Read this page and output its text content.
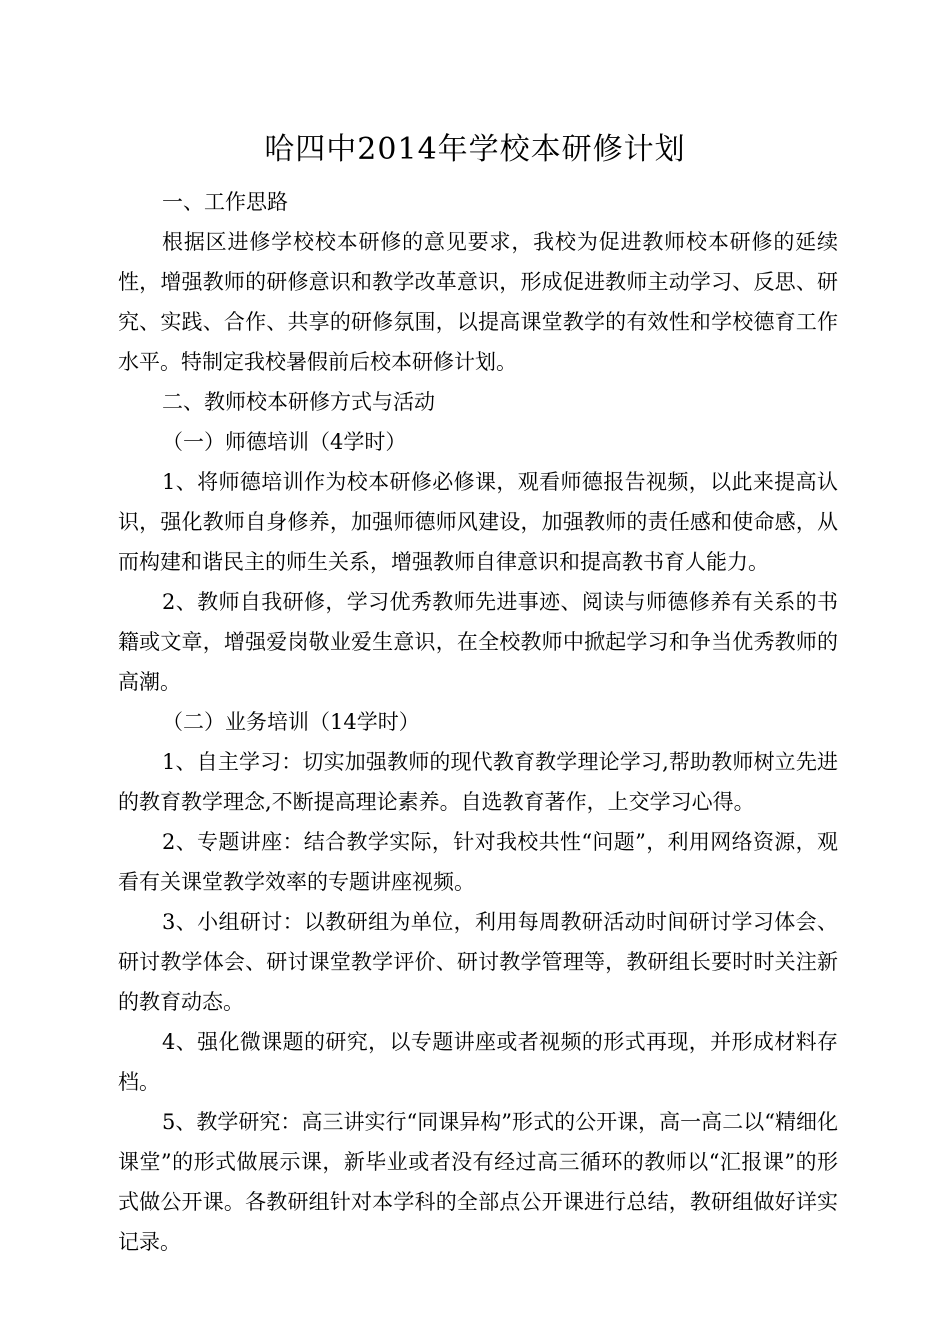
哈四中2014年学校本研修计划

一、工作思路

根据区进修学校校本研修的意见要求，我校为促进教师校本研修的延续性，增强教师的研修意识和教学改革意识，形成促进教师主动学习、反思、研究、实践、合作、共享的研修氛围，以提高课堂教学的有效性和学校德育工作水平。特制定我校暑假前后校本研修计划。

二、教师校本研修方式与活动

（一）师德培训（4学时）

1、将师德培训作为校本研修必修课，观看师德报告视频，以此来提高认识，强化教师自身修养，加强师德师风建设，加强教师的责任感和使命感，从而构建和谐民主的师生关系，增强教师自律意识和提高教书育人能力。

2、教师自我研修，学习优秀教师先进事迹、阅读与师德修养有关系的书籍或文章，增强爱岗敬业爱生意识，在全校教师中掀起学习和争当优秀教师的高潮。

（二）业务培训（14学时）

1、自主学习：切实加强教师的现代教育教学理论学习,帮助教师树立先进的教育教学理念,不断提高理论素养。自选教育著作，上交学习心得。

2、专题讲座：结合教学实际，针对我校共性“问题”，利用网络资源，观看有关课堂教学效率的专题讲座视频。

3、小组研讨：以教研组为单位，利用每周教研活动时间研讨学习体会、研讨教学体会、研讨课堂教学评价、研讨教学管理等，教研组长要时时关注新的教育动态。

4、强化微课题的研究，以专题讲座或者视频的形式再现，并形成材料存档。

5、教学研究：高三讲实行“同课异构”形式的公开课，高一高二以“精细化课堂”的形式做展示课，新毕业或者没有经过高三循环的教师以“汇报课”的形式做公开课。各教研组针对本学科的全部点公开课进行总结，教研组做好详实记录。
